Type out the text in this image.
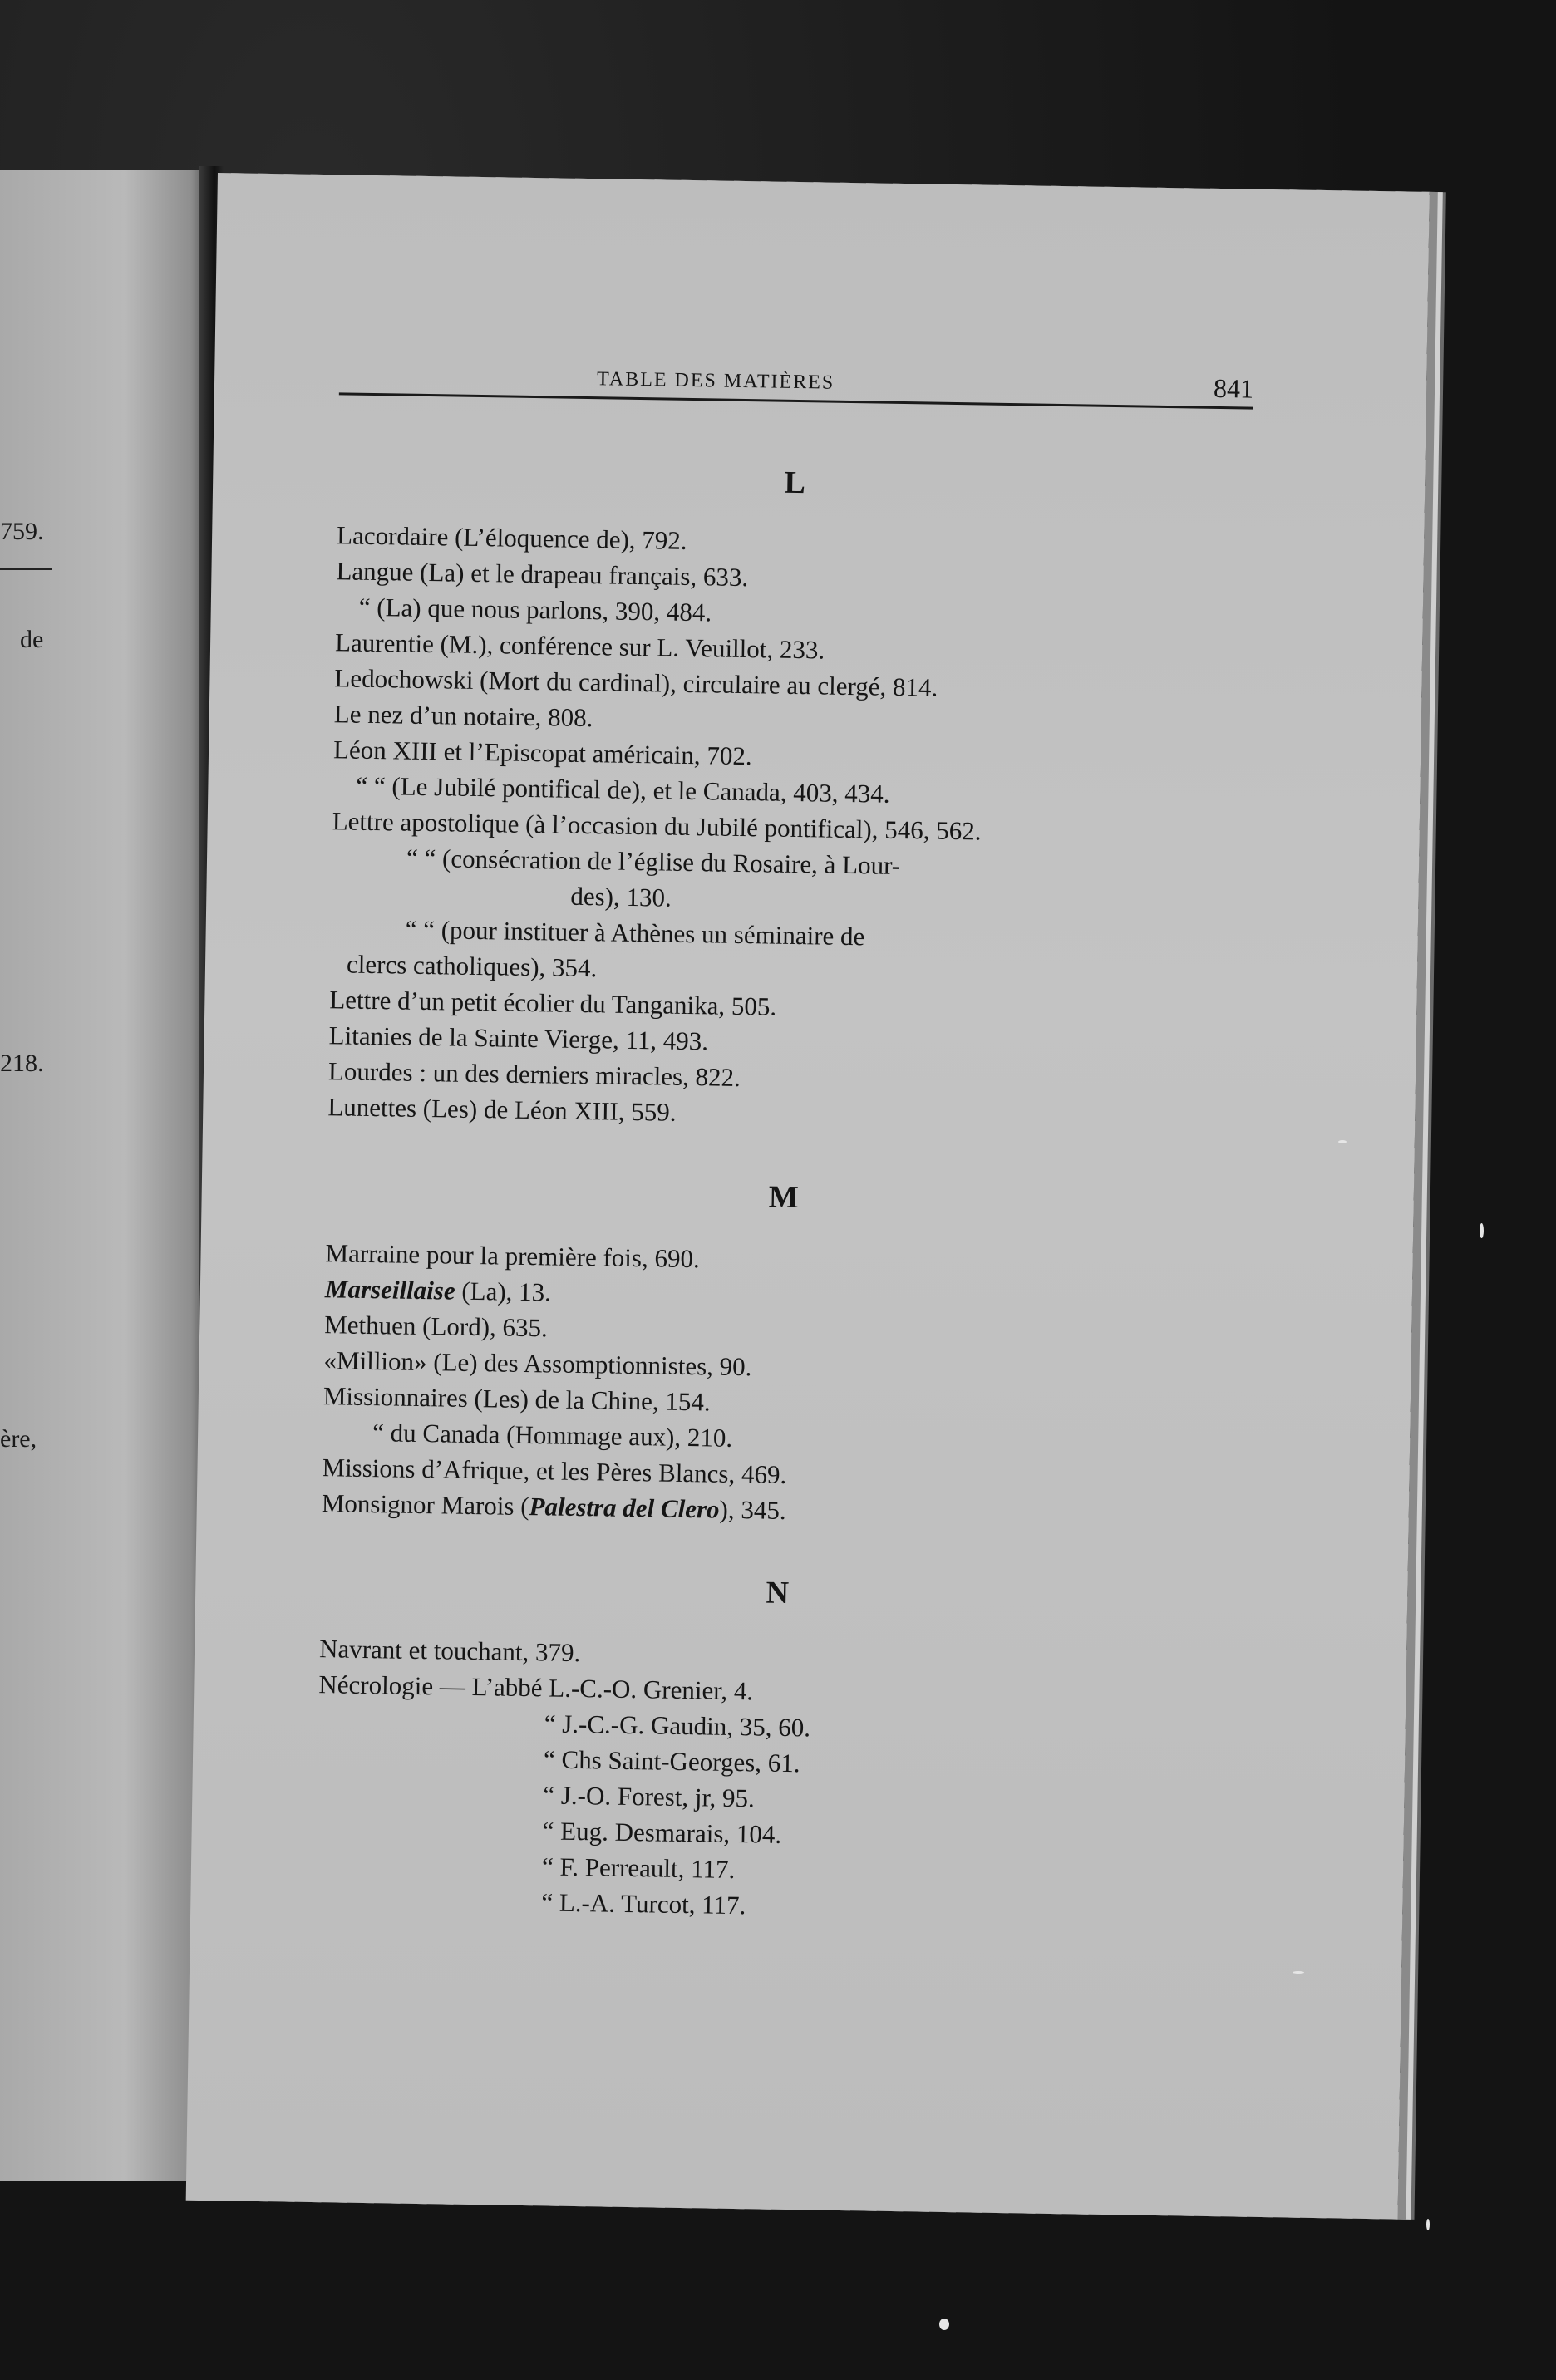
759.
de
218.
ère,
TABLE DES MATIÈRES	841
L
Lacordaire (L’éloquence de), 792.
Langue (La) et le drapeau français, 633.
“ (La) que nous parlons, 390, 484.
Laurentie (M.), conférence sur L. Veuillot, 233.
Ledochowski (Mort du cardinal), circulaire au clergé, 814.
Le nez d’un notaire, 808.
Léon XIII et l’Episcopat américain, 702.
“ “ (Le Jubilé pontifical de), et le Canada, 403, 434.
Lettre apostolique (à l’occasion du Jubilé pontifical), 546, 562.
“ “ (consécration de l’église du Rosaire, à Lour-
des), 130.
“ “ (pour instituer à Athènes un séminaire de
clercs catholiques), 354.
Lettre d’un petit écolier du Tanganika, 505.
Litanies de la Sainte Vierge, 11, 493.
Lourdes : un des derniers miracles, 822.
Lunettes (Les) de Léon XIII, 559.
M
Marraine pour la première fois, 690.
Marseillaise (La), 13.
Methuen (Lord), 635.
«Million» (Le) des Assomptionnistes, 90.
Missionnaires (Les) de la Chine, 154.
“ du Canada (Hommage aux), 210.
Missions d’Afrique, et les Pères Blancs, 469.
Monsignor Marois (Palestra del Clero), 345.
N
Navrant et touchant, 379.
Nécrologie — L’abbé L.-C.-O. Grenier, 4.
“ J.-C.-G. Gaudin, 35, 60.
“ Chs Saint-Georges, 61.
“ J.-O. Forest, jr, 95.
“ Eug. Desmarais, 104.
“ F. Perreault, 117.
“ L.-A. Turcot, 117.
